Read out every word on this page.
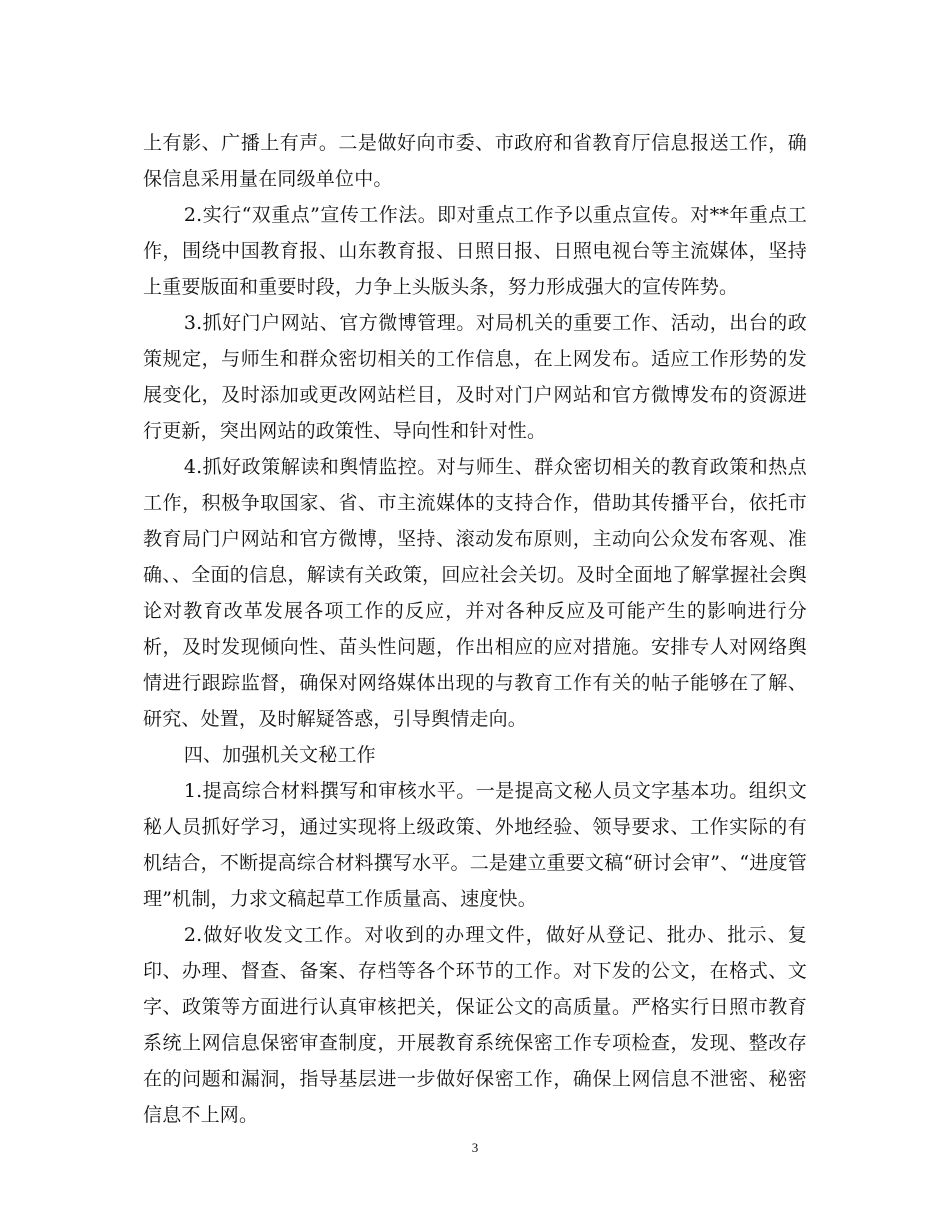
上有影、广播上有声。二是做好向市委、市政府和省教育厅信息报送工作，确保信息采用量在同级单位中。

2.实行“双重点”宣传工作法。即对重点工作予以重点宣传。对**年重点工作，围绕中国教育报、山东教育报、日照日报、日照电视台等主流媒体，坚持上重要版面和重要时段，力争上头版头条，努力形成强大的宣传阵势。

3.抓好门户网站、官方微博管理。对局机关的重要工作、活动，出台的政策规定，与师生和群众密切相关的工作信息，在上网发布。适应工作形势的发展变化，及时添加或更改网站栏目，及时对门户网站和官方微博发布的资源进行更新，突出网站的政策性、导向性和针对性。

4.抓好政策解读和舆情监控。对与师生、群众密切相关的教育政策和热点工作，积极争取国家、省、市主流媒体的支持合作，借助其传播平台，依托市教育局门户网站和官方微博，坚持、滚动发布原则，主动向公众发布客观、准确、、全面的信息，解读有关政策，回应社会关切。及时全面地了解掌握社会舆论对教育改革发展各项工作的反应，并对各种反应及可能产生的影响进行分析，及时发现倾向性、苗头性问题，作出相应的应对措施。安排专人对网络舆情进行跟踪监督，确保对网络媒体出现的与教育工作有关的帖子能够在了解、研究、处置，及时解疑答惑，引导舆情走向。

四、加强机关文秘工作

1.提高综合材料撰写和审核水平。一是提高文秘人员文字基本功。组织文秘人员抓好学习，通过实现将上级政策、外地经验、领导要求、工作实际的有机结合，不断提高综合材料撰写水平。二是建立重要文稿“研讨会审”、“进度管理”机制，力求文稿起草工作质量高、速度快。

2.做好收发文工作。对收到的办理文件，做好从登记、批办、批示、复印、办理、督查、备案、存档等各个环节的工作。对下发的公文，在格式、文字、政策等方面进行认真审核把关，保证公文的高质量。严格实行日照市教育系统上网信息保密审查制度，开展教育系统保密工作专项检查，发现、整改存在的问题和漏洞，指导基层进一步做好保密工作，确保上网信息不泄密、秘密信息不上网。

3
